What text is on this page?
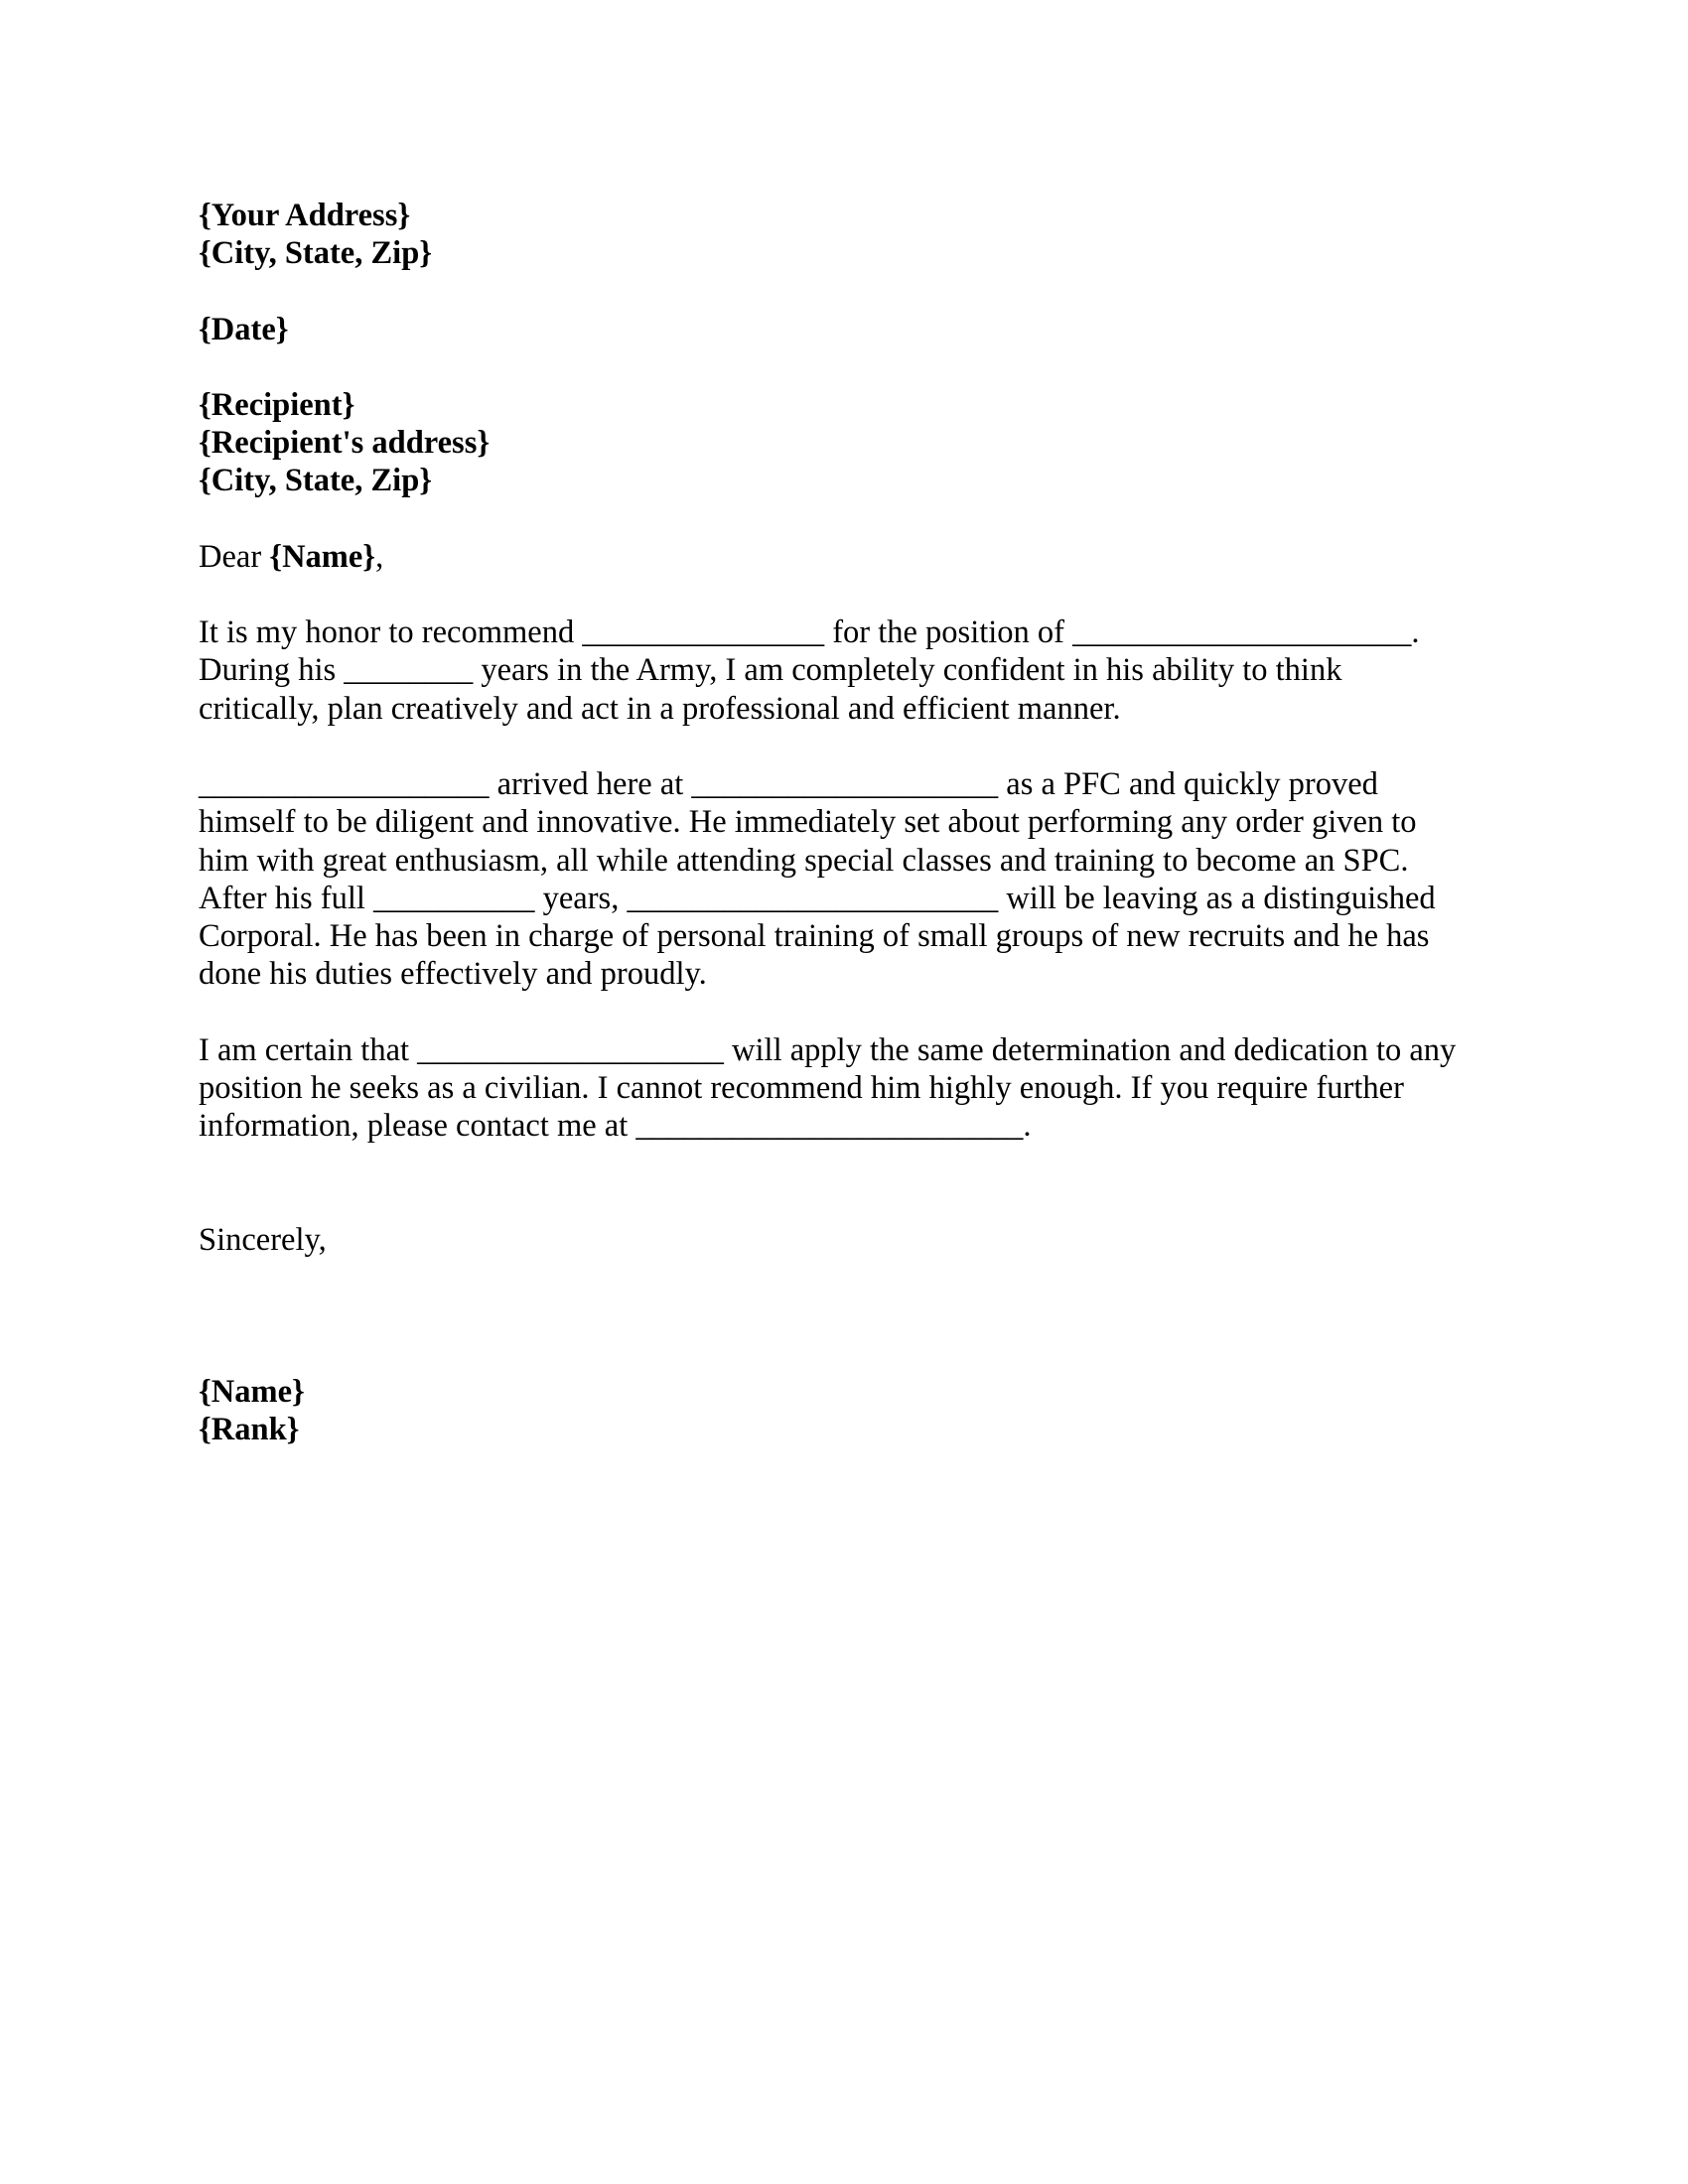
{Your Address}
{City, State, Zip}
{Date}
{Recipient}
{Recipient's address}
{City, State, Zip}
Dear {Name},
It is my honor to recommend _______________ for the position of _____________________.
During his ________ years in the Army, I am completely confident in his ability to think
critically, plan creatively and act in a professional and efficient manner.
__________________ arrived here at ___________________ as a PFC and quickly proved
himself to be diligent and innovative. He immediately set about performing any order given to
him with great enthusiasm, all while attending special classes and training to become an SPC.
After his full __________ years, _______________________ will be leaving as a distinguished
Corporal. He has been in charge of personal training of small groups of new recruits and he has
done his duties effectively and proudly.
I am certain that ___________________ will apply the same determination and dedication to any
position he seeks as a civilian. I cannot recommend him highly enough. If you require further
information, please contact me at ________________________.
Sincerely,
{Name}
{Rank}
